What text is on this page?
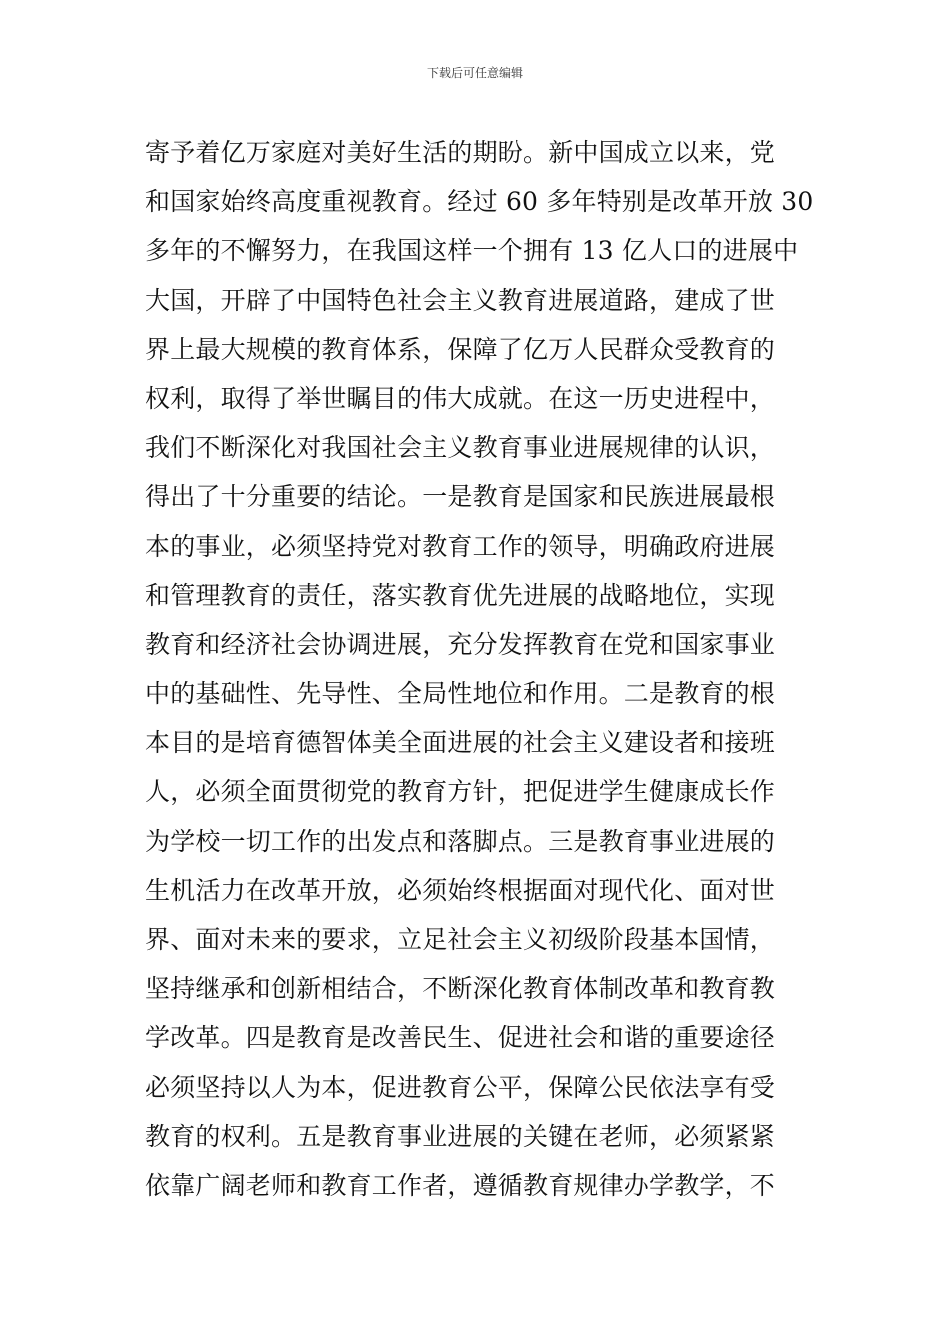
下载后可任意编辑
寄予着亿万家庭对美好生活的期盼。新中国成立以来，党
和国家始终高度重视教育。经过 60 多年特别是改革开放 30
多年的不懈努力，在我国这样一个拥有 13 亿人口的进展中
大国，开辟了中国特色社会主义教育进展道路，建成了世
界上最大规模的教育体系，保障了亿万人民群众受教育的
权利，取得了举世瞩目的伟大成就。在这一历史进程中，
我们不断深化对我国社会主义教育事业进展规律的认识，
得出了十分重要的结论。一是教育是国家和民族进展最根
本的事业，必须坚持党对教育工作的领导，明确政府进展
和管理教育的责任，落实教育优先进展的战略地位，实现
教育和经济社会协调进展，充分发挥教育在党和国家事业
中的基础性、先导性、全局性地位和作用。二是教育的根
本目的是培育德智体美全面进展的社会主义建设者和接班
人，必须全面贯彻党的教育方针，把促进学生健康成长作
为学校一切工作的出发点和落脚点。三是教育事业进展的
生机活力在改革开放，必须始终根据面对现代化、面对世
界、面对未来的要求，立足社会主义初级阶段基本国情，
坚持继承和创新相结合，不断深化教育体制改革和教育教
学改革。四是教育是改善民生、促进社会和谐的重要途径
必须坚持以人为本，促进教育公平，保障公民依法享有受
教育的权利。五是教育事业进展的关键在老师，必须紧紧
依靠广阔老师和教育工作者，遵循教育规律办学教学，不
